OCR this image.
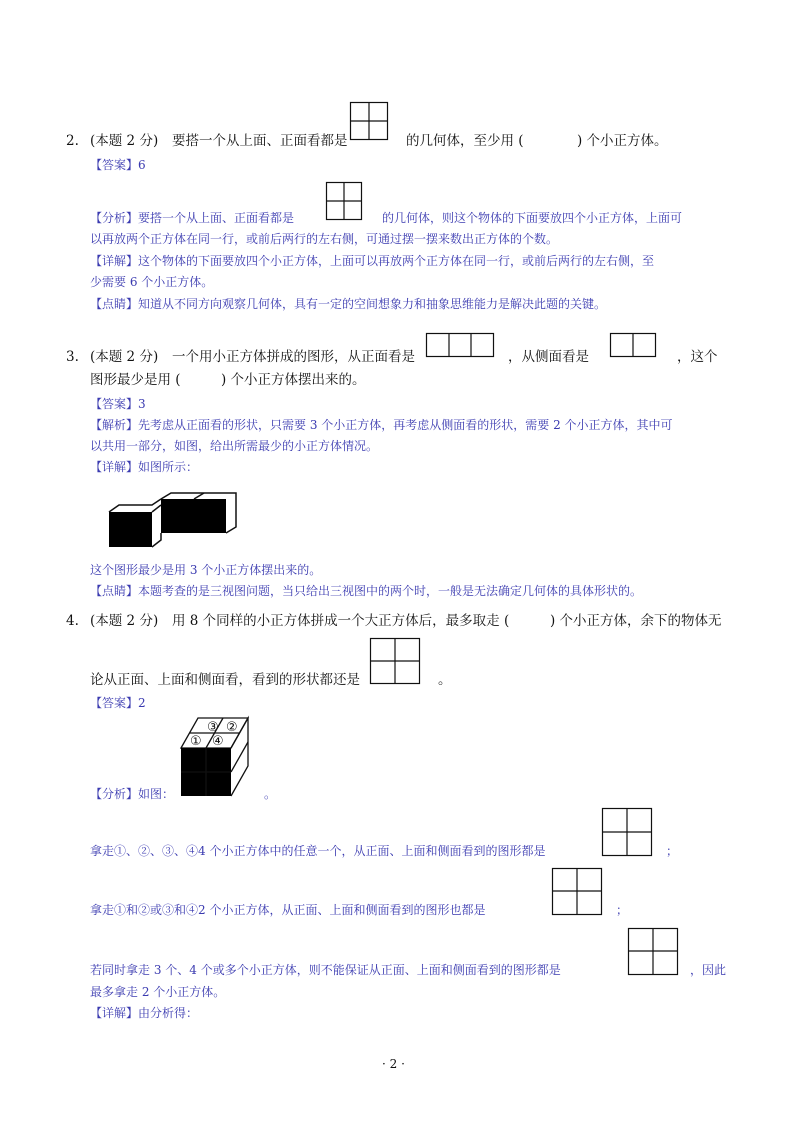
2. (本题 2 分) 要搭一个从上面、正面看都是	的几何体，至少用 (	) 个小正方体。
【答案】6
【分析】要搭一个从上面、正面看都是	的几何体，则这个物体的下面要放四个小正方体，上面可
以再放两个正方体在同一行，或前后两行的左右侧，可通过摆一摆来数出正方体的个数。
【详解】这个物体的下面要放四个小正方体，上面可以再放两个正方体在同一行，或前后两行的左右侧，至
少需要 6 个小正方体。
【点睛】知道从不同方向观察几何体，具有一定的空间想象力和抽象思维能力是解决此题的关键。
3. (本题 2 分) 一个用小正方体拼成的图形，从正面看是	，从侧面看是	，这个
图形最少是用 (	) 个小正方体摆出来的。
【答案】3
【解析】先考虑从正面看的形状，只需要 3 个小正方体，再考虑从侧面看的形状，需要 2 个小正方体，其中可
以共用一部分，如图，给出所需最少的小正方体情况。
【详解】如图所示：
这个图形最少是用 3 个小正方体摆出来的。
【点睛】本题考查的是三视图问题，当只给出三视图中的两个时，一般是无法确定几何体的具体形状的。
4. (本题 2 分) 用 8 个同样的小正方体拼成一个大正方体后，最多取走 (	) 个小正方体，余下的物体无
论从正面、上面和侧面看，看到的形状都还是	。
【答案】2
③ ②
① ④
【分析】如图：	。
拿走①、②、③、④4 个小正方体中的任意一个，从正面、上面和侧面看到的图形都是	；
拿走①和②或③和④2 个小正方体，从正面、上面和侧面看到的图形也都是	；
若同时拿走 3 个、4 个或多个小正方体，则不能保证从正面、上面和侧面看到的图形都是	，因此
最多拿走 2 个小正方体。
【详解】由分析得：
· 2 ·
